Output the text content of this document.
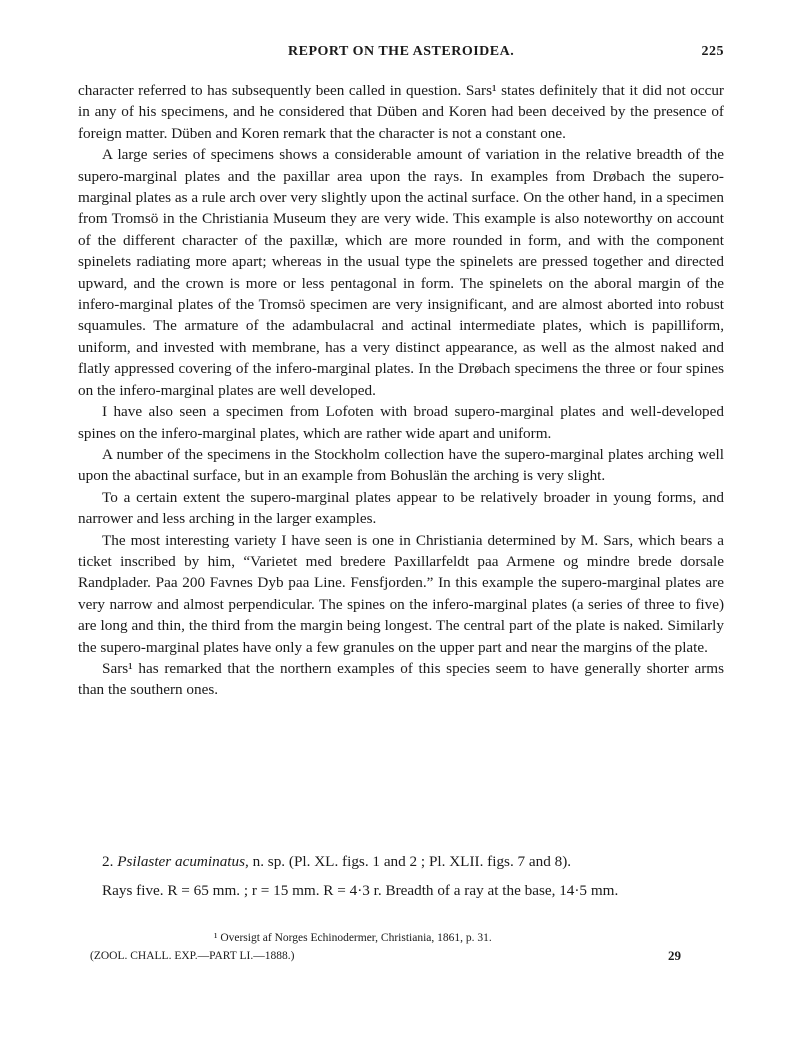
REPORT ON THE ASTEROIDEA.	225

character referred to has subsequently been called in question. Sars¹ states definitely that it did not occur in any of his specimens, and he considered that Düben and Koren had been deceived by the presence of foreign matter. Düben and Koren remark that the character is not a constant one.

A large series of specimens shows a considerable amount of variation in the relative breadth of the supero-marginal plates and the paxillar area upon the rays. In examples from Drøbach the supero-marginal plates as a rule arch over very slightly upon the actinal surface. On the other hand, in a specimen from Tromsö in the Christiania Museum they are very wide. This example is also noteworthy on account of the different character of the paxillæ, which are more rounded in form, and with the component spinelets radiating more apart; whereas in the usual type the spinelets are pressed together and directed upward, and the crown is more or less pentagonal in form. The spinelets on the aboral margin of the infero-marginal plates of the Tromsö specimen are very insignificant, and are almost aborted into robust squamules. The armature of the adambulacral and actinal intermediate plates, which is papilliform, uniform, and invested with membrane, has a very distinct appearance, as well as the almost naked and flatly appressed covering of the infero-marginal plates. In the Drøbach specimens the three or four spines on the infero-marginal plates are well developed.

I have also seen a specimen from Lofoten with broad supero-marginal plates and well-developed spines on the infero-marginal plates, which are rather wide apart and uniform.

A number of the specimens in the Stockholm collection have the supero-marginal plates arching well upon the abactinal surface, but in an example from Bohuslän the arching is very slight.

To a certain extent the supero-marginal plates appear to be relatively broader in young forms, and narrower and less arching in the larger examples.

The most interesting variety I have seen is one in Christiania determined by M. Sars, which bears a ticket inscribed by him, “Varietet med bredere Paxillarfeldt paa Armene og mindre brede dorsale Randplader. Paa 200 Favnes Dyb paa Line. Fensfjorden.” In this example the supero-marginal plates are very narrow and almost perpendicular. The spines on the infero-marginal plates (a series of three to five) are long and thin, the third from the margin being longest. The central part of the plate is naked. Similarly the supero-marginal plates have only a few granules on the upper part and near the margins of the plate.

Sars¹ has remarked that the northern examples of this species seem to have generally shorter arms than the southern ones.

2. Psilaster acuminatus, n. sp. (Pl. XL. figs. 1 and 2 ; Pl. XLII. figs. 7 and 8).
Rays five. R = 65 mm. ; r = 15 mm. R = 4·3 r. Breadth of a ray at the base, 14·5 mm.
¹ Oversigt af Norges Echinodermer, Christiania, 1861, p. 31.
(ZOOL. CHALL. EXP.—PART LI.—1888.)	29
